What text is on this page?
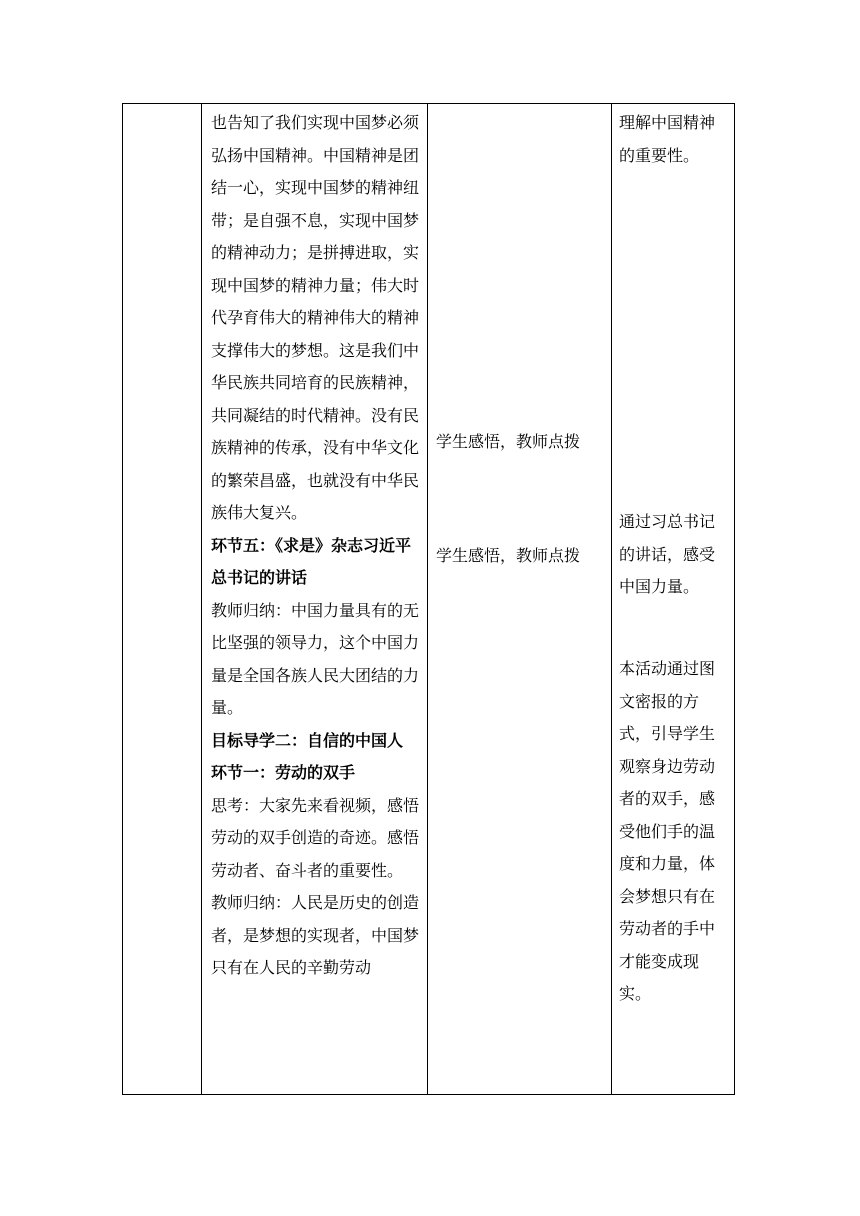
也告知了我们实现中国梦必须弘扬中国精神。中国精神是团结一心，实现中国梦的精神纽带；是自强不息，实现中国梦的精神动力；是拼搏进取，实现中国梦的精神力量；伟大时代孕育伟大的精神伟大的精神支撑伟大的梦想。这是我们中华民族共同培育的民族精神，共同凝结的时代精神。没有民族精神的传承，没有中华文化的繁荣昌盛，也就没有中华民族伟大复兴。

环节五：《求是》杂志习近平总书记的讲话

教师归纳：中国力量具有的无比坚强的领导力，这个中国力量是全国各族人民大团结的力量。

目标导学二：自信的中国人

环节一：劳动的双手

思考：大家先来看视频，感悟劳动的双手创造的奇迹。感悟劳动者、奋斗者的重要性。

教师归纳：人民是历史的创造者，是梦想的实现者，中国梦只有在人民的辛勤劳动

学生感悟，教师点拨
学生感悟，教师点拨
理解中国精神的重要性。
通过习总书记的讲话，感受中国力量。
本活动通过图文密报的方式，引导学生观察身边劳动者的双手，感受他们手的温度和力量，体会梦想只有在劳动者的手中才能变成现实。
